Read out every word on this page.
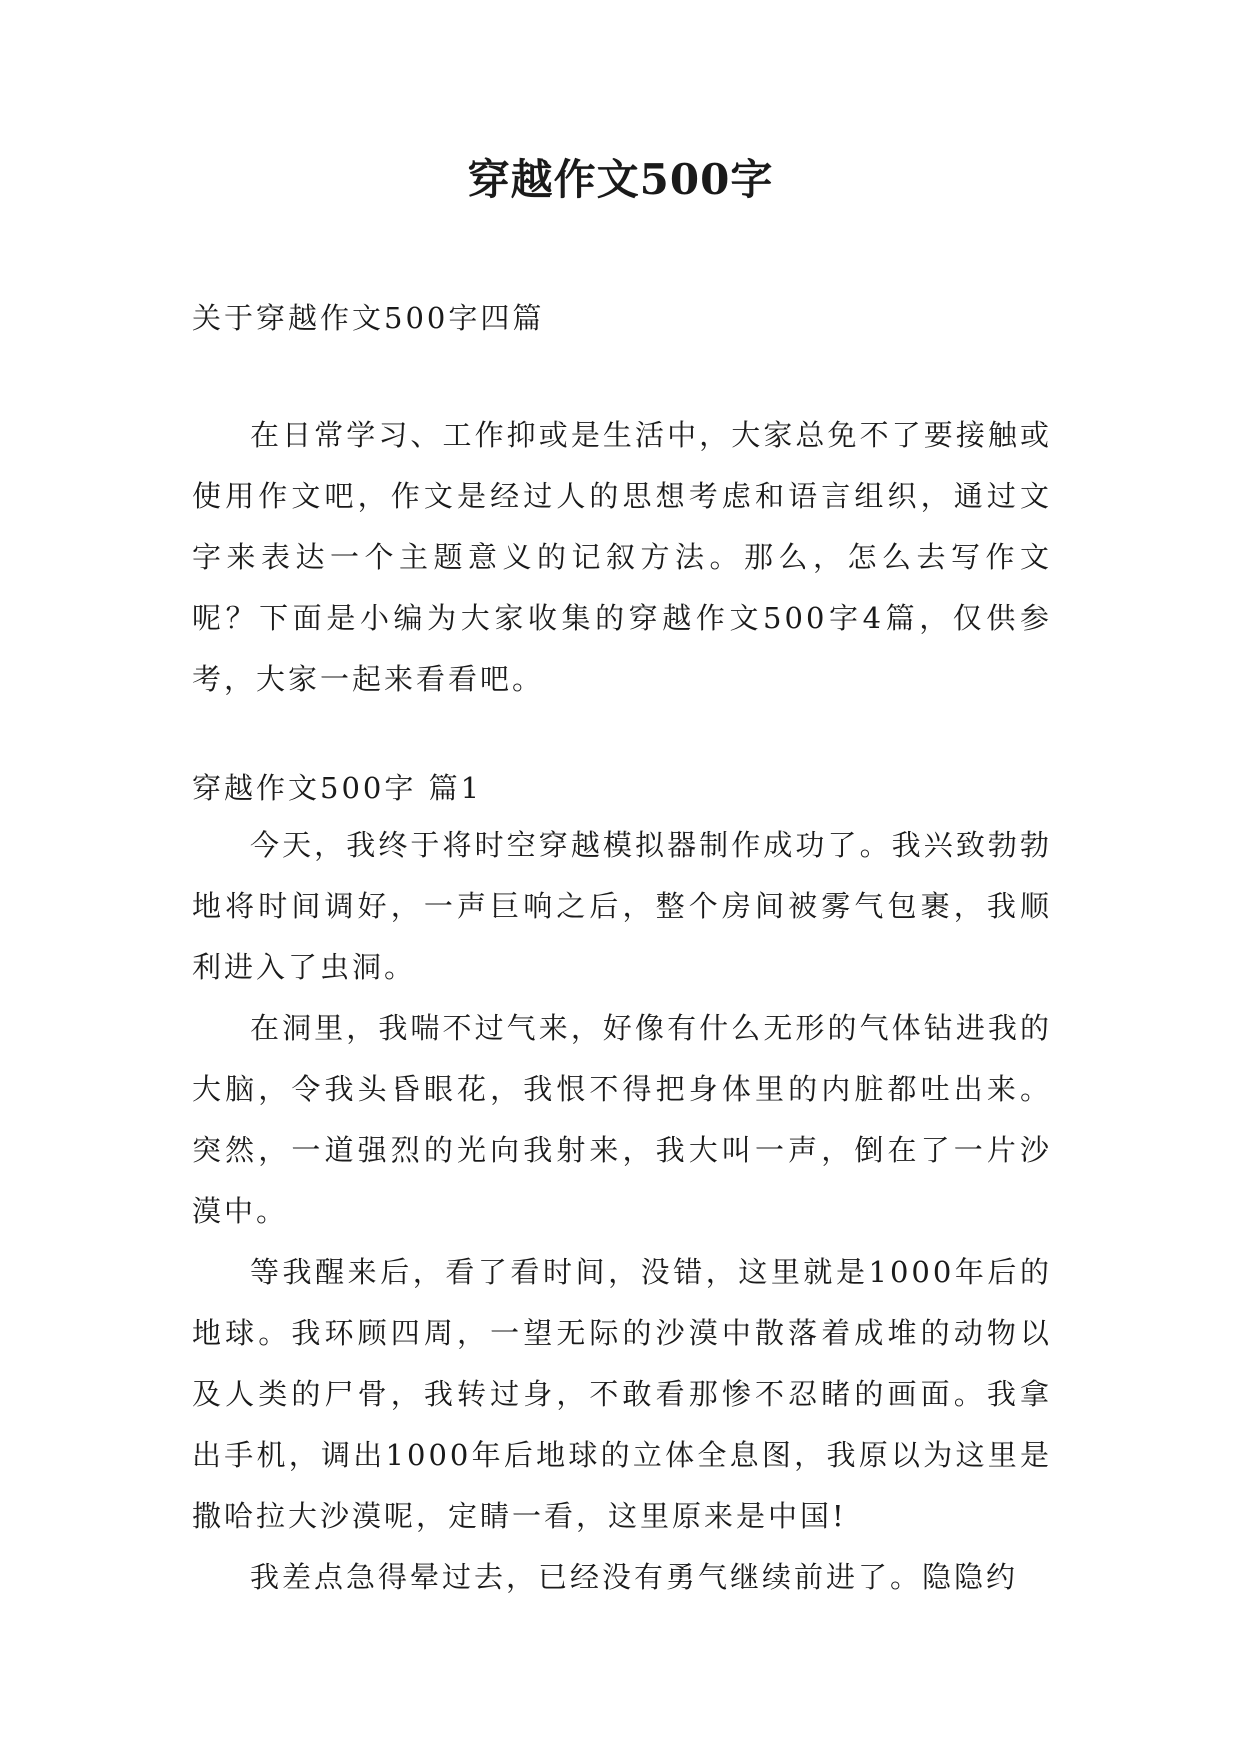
穿越作文500字

关于穿越作文500字四篇

在日常学习、工作抑或是生活中，大家总免不了要接触或使用作文吧，作文是经过人的思想考虑和语言组织，通过文字来表达一个主题意义的记叙方法。那么，怎么去写作文呢？下面是小编为大家收集的穿越作文500字4篇，仅供参考，大家一起来看看吧。

穿越作文500字 篇1

今天，我终于将时空穿越模拟器制作成功了。我兴致勃勃地将时间调好，一声巨响之后，整个房间被雾气包裹，我顺利进入了虫洞。

在洞里，我喘不过气来，好像有什么无形的气体钻进我的大脑，令我头昏眼花，我恨不得把身体里的内脏都吐出来。突然，一道强烈的光向我射来，我大叫一声，倒在了一片沙漠中。

等我醒来后，看了看时间，没错，这里就是1000年后的地球。我环顾四周，一望无际的沙漠中散落着成堆的动物以及人类的尸骨，我转过身，不敢看那惨不忍睹的画面。我拿出手机，调出1000年后地球的立体全息图，我原以为这里是撒哈拉大沙漠呢，定睛一看，这里原来是中国!

我差点急得晕过去，已经没有勇气继续前进了。隐隐约
